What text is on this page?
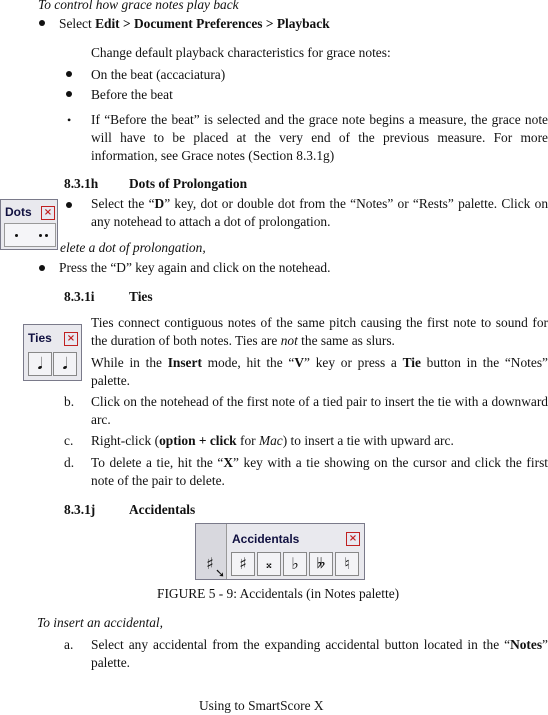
To control how grace notes play back
Select Edit > Document Preferences > Playback
Change default playback characteristics for grace notes:
On the beat (accaciatura)
Before the beat
• If “Before the beat” is selected and the grace note begins a measure, the grace note will have to be placed at the very end of the previous measure. For more information, see Grace notes (Section 8.3.1g)
8.3.1h Dots of Prolongation
Dots ×
Select the “D” key, dot or double dot from the “Notes” or “Rests” palette. Click on any notehead to attach a dot of prolongation.
elete a dot of prolongation,
Press the “D” key again and click on the notehead.
8.3.1i	Ties
Ties ×
𝅘𝅥	𝅘𝅥
Ties connect contiguous notes of the same pitch causing the first note to sound for the duration of both notes. Ties are not the same as slurs.
While in the Insert mode, hit the “V” key or press a Tie button in the “Notes” palette.
b. Click on the notehead of the first note of a tied pair to insert the tie with a downward arc.
c. Right-click (option + click for Mac) to insert a tie with upward arc.
d. To delete a tie, hit the “X” key with a tie showing on the cursor and click the first note of the pair to delete.
8.3.1j	Accidentals
♯ ➘
Accidentals	×
♯	𝄪	♭	𝄫	♮
FIGURE 5 - 9: Accidentals (in Notes palette)
To insert an accidental,
a. Select any accidental from the expanding accidental button located in the “Notes” palette.
Using to SmartScore X
